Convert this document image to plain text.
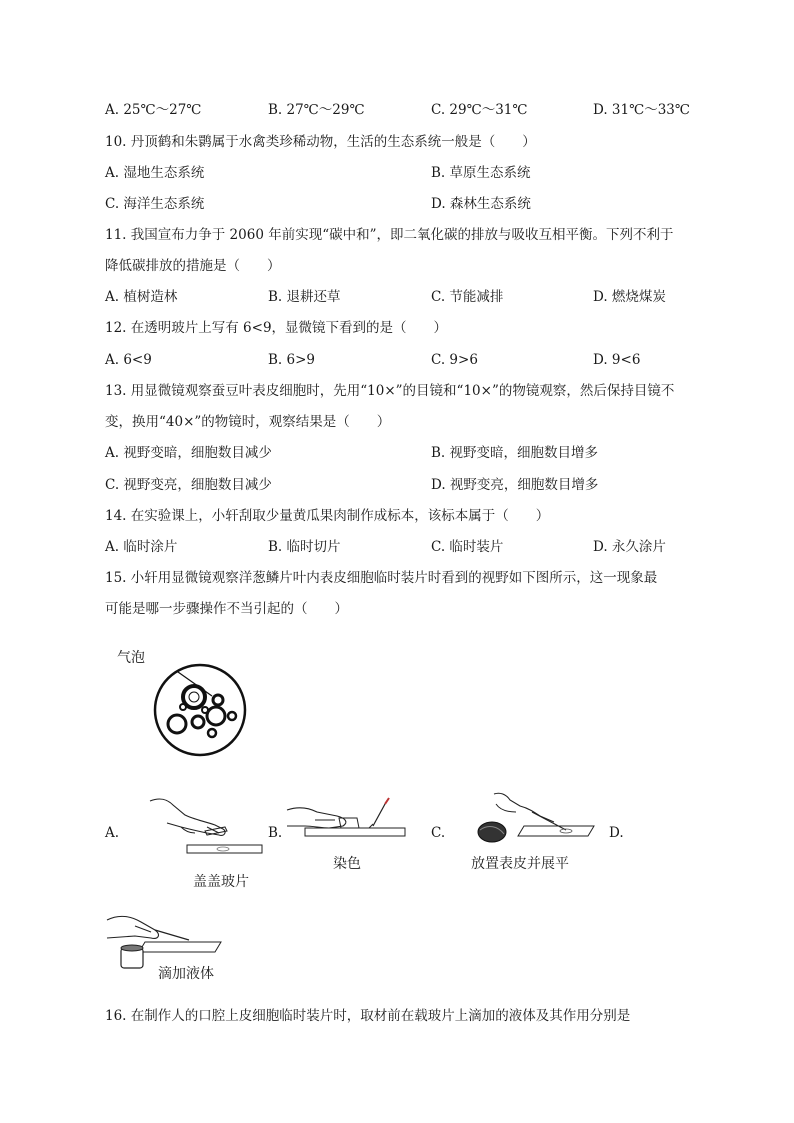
A. 25℃～27℃	B. 27℃～29℃	C. 29℃～31℃	D. 31℃～33℃
10. 丹顶鹤和朱鹮属于水禽类珍稀动物，生活的生态系统一般是（　　）
A. 湿地生态系统	B. 草原生态系统
C. 海洋生态系统	D. 森林生态系统
11. 我国宣布力争于 2060 年前实现“碳中和”，即二氧化碳的排放与吸收互相平衡。下列不利于
降低碳排放的措施是（　　）
A. 植树造林	B. 退耕还草	C. 节能减排	D. 燃烧煤炭
12. 在透明玻片上写有 6<9，显微镜下看到的是（　　）
A. 6<9	B. 6>9	C. 9>6	D. 9<6
13. 用显微镜观察蚕豆叶表皮细胞时，先用“10×”的目镜和“10×”的物镜观察，然后保持目镜不
变，换用“40×”的物镜时，观察结果是（　　）
A. 视野变暗，细胞数目减少	B. 视野变暗，细胞数目增多
C. 视野变亮，细胞数目减少	D. 视野变亮，细胞数目增多
14. 在实验课上，小轩刮取少量黄瓜果肉制作成标本，该标本属于（　　）
A. 临时涂片	B. 临时切片	C. 临时装片	D. 永久涂片
15. 小轩用显微镜观察洋葱鳞片叶内表皮细胞临时装片时看到的视野如下图所示，这一现象最
可能是哪一步骤操作不当引起的（　　）
气泡
A.	B.	C.	D.
盖盖玻片
染色	放置表皮并展平
滴加液体
16. 在制作人的口腔上皮细胞临时装片时，取材前在载玻片上滴加的液体及其作用分别是
